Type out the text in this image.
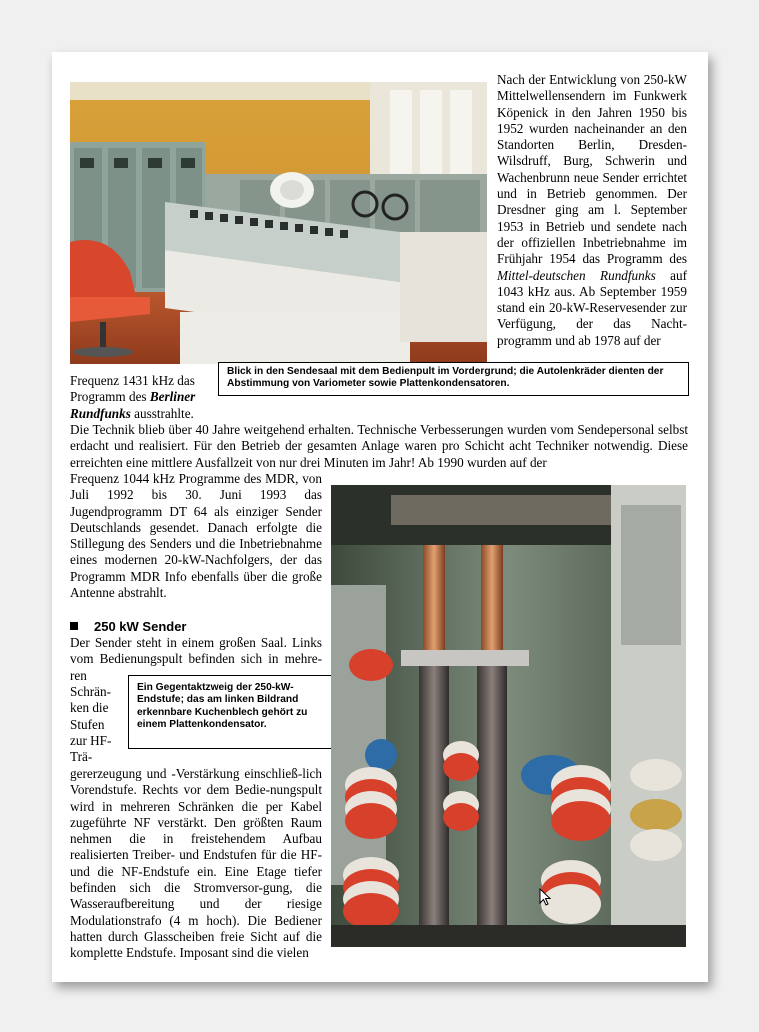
Nach der Entwicklung von 250-kW Mittelwellensendern im Funkwerk Köpenick in den Jahren 1950 bis 1952 wurden nacheinander an den Standorten Berlin, Dresden-Wilsdruff, Burg, Schwerin und Wachenbrunn neue Sender errichtet und in Betrieb genommen. Der Dresdner ging am l. September 1953 in Betrieb und sendete nach der offiziellen Inbetriebnahme im Frühjahr 1954 das Programm des Mittel-deutschen Rundfunks auf 1043 kHz aus. Ab September 1959 stand ein 20-kW-Reservesender zur Verfügung, der das Nacht-programm und ab 1978 auf der

Blick in den Sendesaal mit dem Bedienpult im Vordergrund; die Autolenkräder dienten der Abstimmung von Variometer sowie Plattenkondensatoren.

Frequenz 1431 kHz das Programm des Berliner Rundfunks ausstrahlte.

Die Technik blieb über 40 Jahre weitgehend erhalten. Technische Verbesserungen wurden vom Sendepersonal selbst erdacht und realisiert. Für den Betrieb der gesamten Anlage waren pro Schicht acht Techniker notwendig. Diese erreichten eine mittlere Ausfallzeit von nur drei Minuten im Jahr! Ab 1990 wurden auf der

Frequenz 1044 kHz Programme des MDR, von Juli 1992 bis 30. Juni 1993 das Jugendprogramm DT 64 als einziger Sender Deutschlands gesendet. Danach erfolgte die Stillegung des Senders und die Inbetriebnahme eines modernen 20-kW-Nachfolgers, der das Programm MDR Info ebenfalls über die große Antenne abstrahlt.

250 kW Sender

Der Sender steht in einem großen Saal. Links vom Bedienungspult befinden sich in mehre-ren

Schrän-ken die Stufen zur HF-Trä-

gererzeugung und -Verstärkung einschließ-lich Vorendstufe. Rechts vor dem Bedie-nungspult wird in mehreren Schränken die per Kabel zugeführte NF verstärkt. Den größten Raum nehmen die in freistehendem Aufbau realisierten Treiber- und Endstufen für die HF- und die NF-Endstufe ein. Eine Etage tiefer befinden sich die Stromversor-gung, die Wasseraufbereitung und der riesige Modulationstrafo (4 m hoch). Die Bediener hatten durch Glasscheiben freie Sicht auf die komplette Endstufe. Imposant sind die vielen

Ein Gegentaktzweig der 250-kW-Endstufe; das am linken Bildrand erkennbare Kuchenblech gehört zu einem Plattenkondensator.
